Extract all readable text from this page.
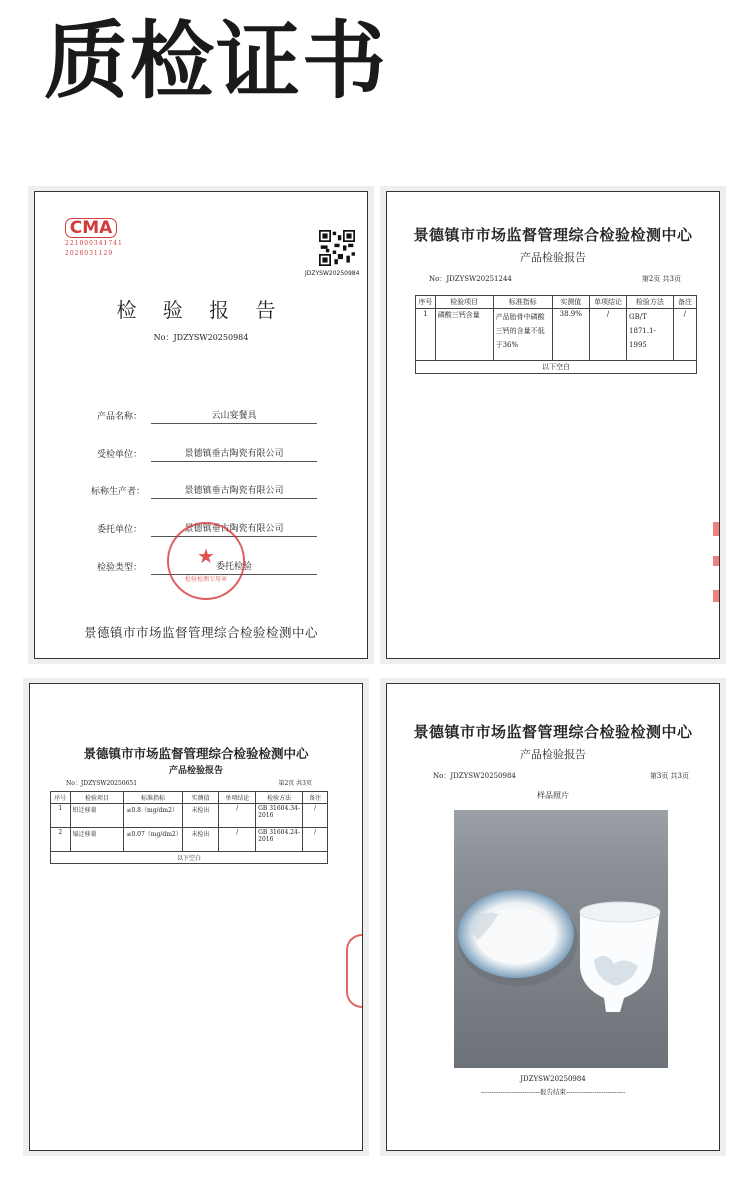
质检证书
CMA
221000341741
2028031129
JDZYSW20250984
检 验 报 告
No：JDZYSW20250984
产品名称：	云山宴餐具
受检单位：	景德镇垂古陶瓷有限公司
标称生产者：	景德镇垂古陶瓷有限公司
委托单位：	景德镇垂古陶瓷有限公司
检验类型：	委托检验
★
检验检测专用章
景德镇市市场监督管理综合检验检测中心
景德镇市市场监督管理综合检验检测中心
产品检验报告
No：JDZYSW20251244	第2页 共3页
序号	检验项目	标准指标	实测值	单项结论	检验方法	备注
1	磷酸三钙含量	产品胎骨中磷酸三钙的含量不低于36%	38.9%	/	GB/T 1871.1-1995	/
以下空白						
景德镇市市场监督管理综合检验检测中心
产品检验报告
No：JDZYSW20250651	第2页 共3页
序号	检验项目	标准指标	实测值	单项结论	检验方法	备注
1	铅迁移量	≤0.8（mg/dm2）	未检出	/	GB 31604.34-2016	/
2	镉迁移量	≤0.07（mg/dm2）	未检出	/	GB 31604.24-2016	/
以下空白						
景德镇市市场监督管理综合检验检测中心
产品检验报告
No：JDZYSW20250984	第3页 共3页
样品照片
JDZYSW20250984
---------------------------报告结束---------------------------
